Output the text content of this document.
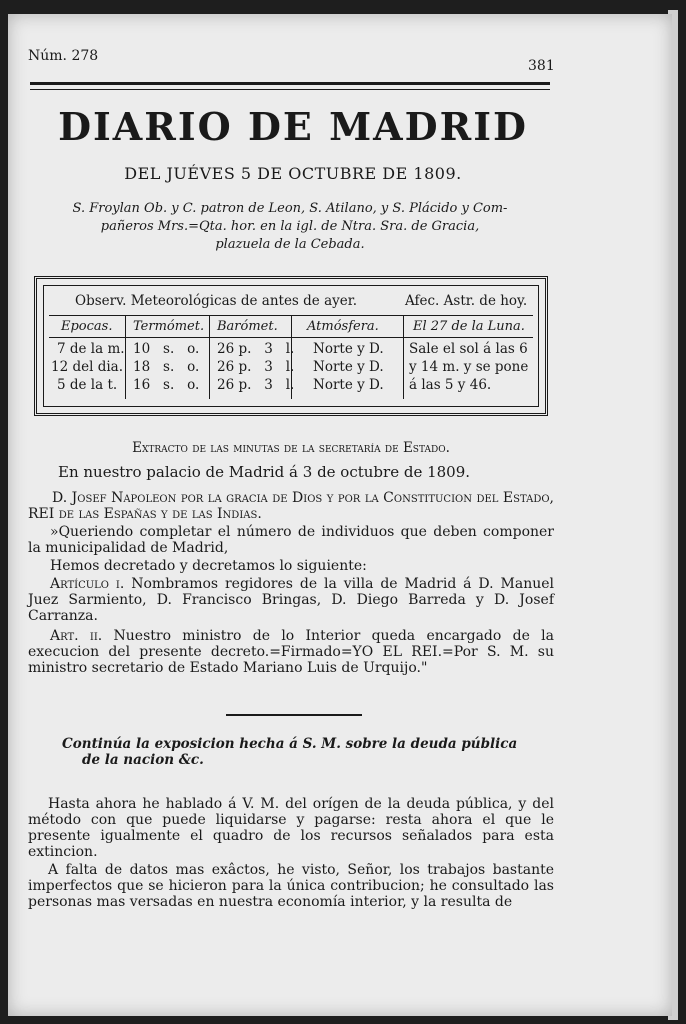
Núm. 278
381
DIARIO DE MADRID
DEL JUÉVES 5 DE OCTUBRE DE 1809.
S. Froylan Ob. y C. patron de Leon, S. Atilano, y S. Plácido y Com-
pañeros Mrs.=Qta. hor. en la igl. de Ntra. Sra. de Gracia,
plazuela de la Cebada.
Observ. Meteorológicas de antes de ayer.	Afec. Astr. de hoy.
Epocas. Termómet. Barómet. Atmósfera.	El 27 de la Luna.
7 de la m. 10   s.   o. 26 p.   3   l. Norte y D. Sale el sol á las 6
12 del dia. 18   s.   o. 26 p.   3   l. Norte y D. y 14 m. y se pone
5 de la t. 16   s.   o. 26 p.   3   l. Norte y D. á las 5 y 46.
Extracto de las minutas de la secretaría de Estado.
En nuestro palacio de Madrid á 3 de octubre de 1809.
D. Josef Napoleon por la gracia de Dios y por la Constitucion del Estado, REI de las Españas y de las Indias.
»Queriendo completar el número de individuos que deben componer la municipalidad de Madrid,
Hemos decretado y decretamos lo siguiente:
Artículo i. Nombramos regidores de la villa de Madrid á D. Manuel Juez Sarmiento, D. Francisco Bringas, D. Diego Barreda y D. Josef Carranza.
Art. ii. Nuestro ministro de lo Interior queda encargado de la execucion del presente decreto.=Firmado=YO EL REI.=Por S. M. su ministro secretario de Estado Mariano Luis de Urquijo."
Continúa la exposicion hecha á S. M. sobre la deuda pública
de la nacion &c.
Hasta ahora he hablado á V. M. del orígen de la deuda pública, y del método con que puede liquidarse y pagarse: resta ahora el que le presente igualmente el quadro de los recursos señalados para esta extincion.
A falta de datos mas exâctos, he visto, Señor, los trabajos bastante imperfectos que se hicieron para la única contribucion; he consultado las personas mas versadas en nuestra economía interior, y la resulta de
